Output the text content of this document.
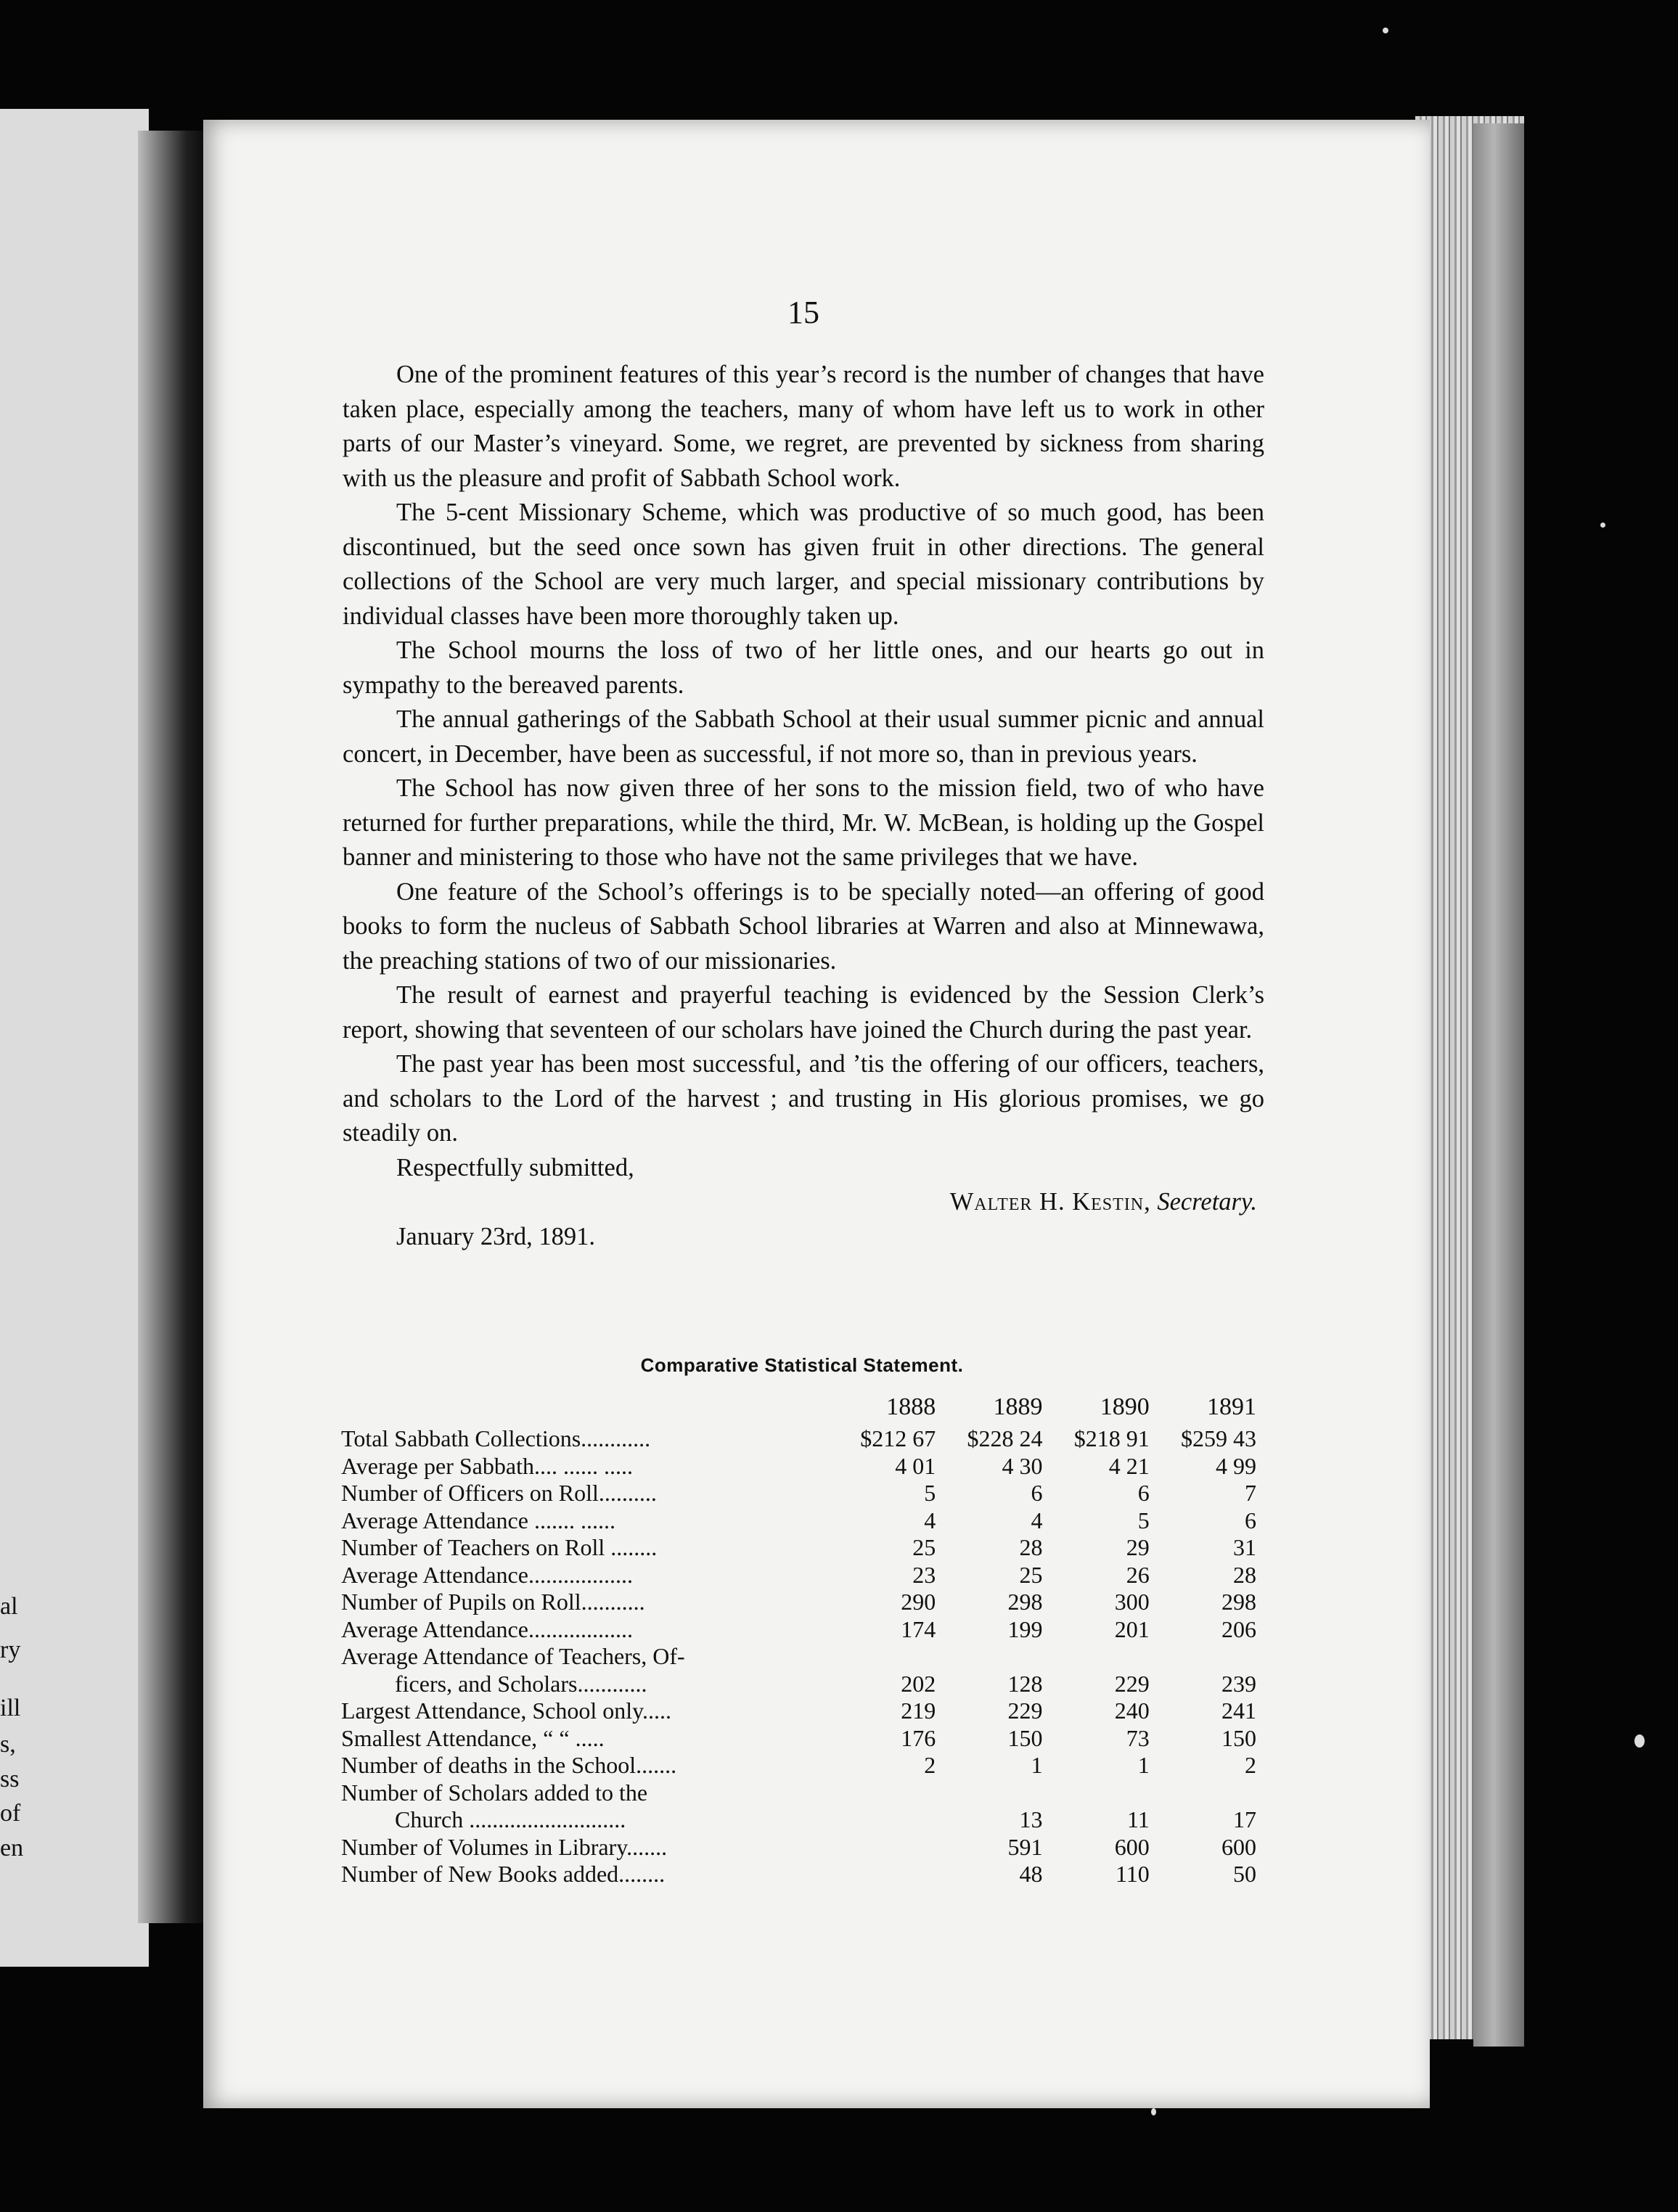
al
ry
ill
s,
ss
of
en
15

One of the prominent features of this year’s record is the number of changes that have taken place, especially among the teachers, many of whom have left us to work in other parts of our Master’s vineyard. Some, we regret, are prevented by sickness from sharing with us the pleasure and profit of Sabbath School work.

The 5-cent Missionary Scheme, which was productive of so much good, has been discontinued, but the seed once sown has given fruit in other directions. The general collections of the School are very much larger, and special missionary contributions by individual classes have been more thoroughly taken up.

The School mourns the loss of two of her little ones, and our hearts go out in sympathy to the bereaved parents.

The annual gatherings of the Sabbath School at their usual summer picnic and annual concert, in December, have been as successful, if not more so, than in previous years.

The School has now given three of her sons to the mission field, two of who have returned for further preparations, while the third, Mr. W. McBean, is holding up the Gospel banner and ministering to those who have not the same privileges that we have.

One feature of the School’s offerings is to be specially noted—an offering of good books to form the nucleus of Sabbath School libraries at Warren and also at Minnewawa, the preaching stations of two of our missionaries.

The result of earnest and prayerful teaching is evidenced by the Session Clerk’s report, showing that seventeen of our scholars have joined the Church during the past year.

The past year has been most successful, and ’tis the offering of our officers, teachers, and scholars to the Lord of the harvest ; and trusting in His glorious promises, we go steadily on.

Respectfully submitted,

Walter H. Kestin, Secretary.
January 23rd, 1891.
Comparative Statistical Statement.
	1888	1889	1890	1891
Total Sabbath Collections............	$212 67	$228 24	$218 91	$259 43
Average per Sabbath.... ...... .....	4 01	4 30	4 21	4 99
Number of Officers on Roll..........	5	6	6	7
Average Attendance ....... ......	4	4	5	6
Number of Teachers on Roll ........	25	28	29	31
Average Attendance..................	23	25	26	28
Number of Pupils on Roll...........	290	298	300	298
Average Attendance..................	174	199	201	206
Average Attendance of Teachers, Of-				
ficers, and Scholars............	202	128	229	239
Largest Attendance, School only.....	219	229	240	241
Smallest Attendance, “ “ .....	176	150	73	150
Number of deaths in the School.......	2	1	1	2
Number of Scholars added to the				
Church ...........................		13	11	17
Number of Volumes in Library.......		591	600	600
Number of New Books added........		48	110	50
